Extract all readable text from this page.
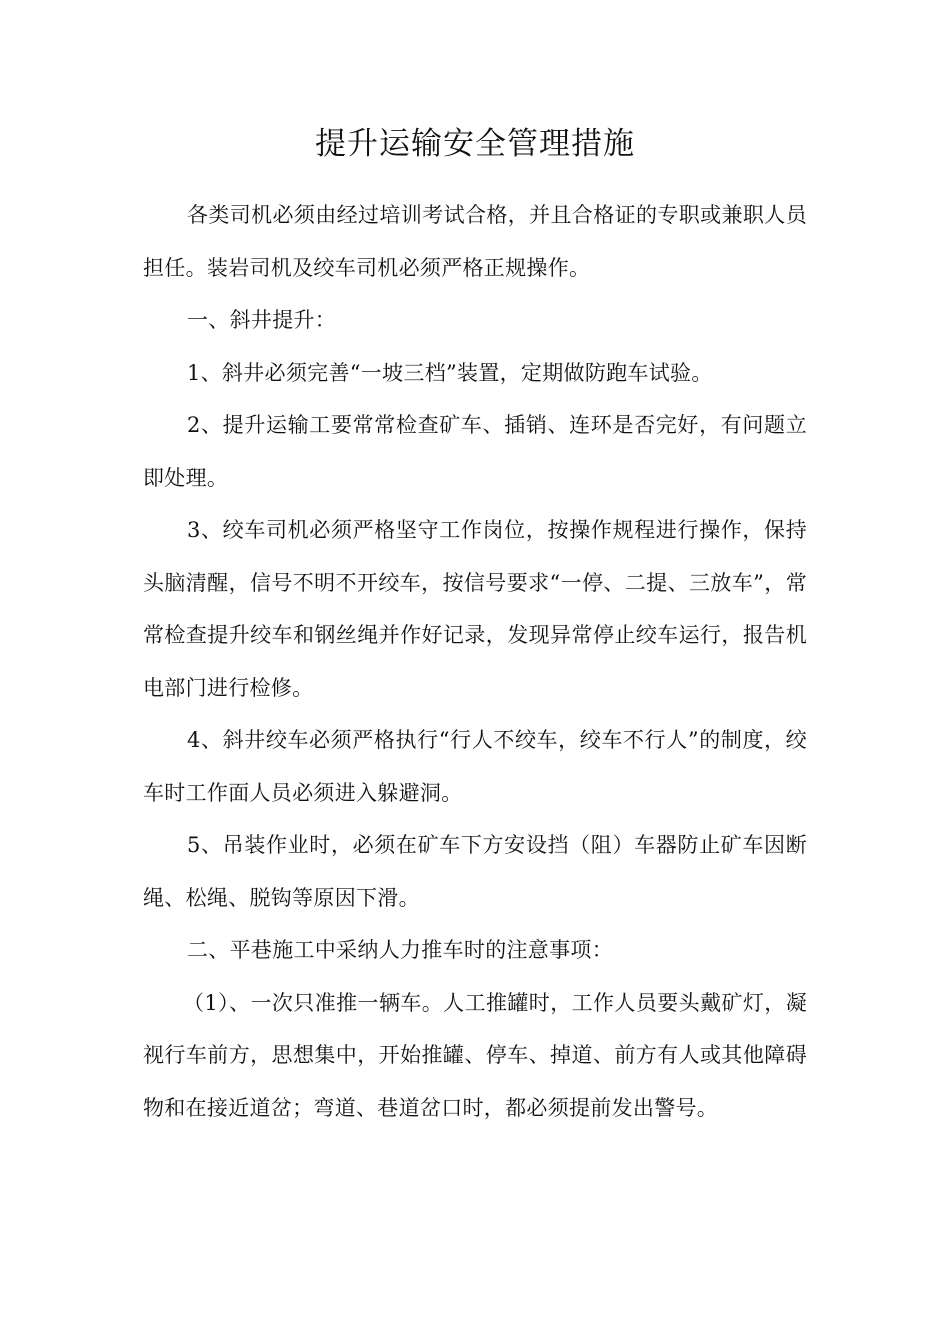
提升运输安全管理措施

各类司机必须由经过培训考试合格，并且合格证的专职或兼职人员担任。装岩司机及绞车司机必须严格正规操作。

一、斜井提升：

1、斜井必须完善“一坡三档”装置，定期做防跑车试验。

2、提升运输工要常常检查矿车、插销、连环是否完好，有问题立即处理。

3、绞车司机必须严格坚守工作岗位，按操作规程进行操作，保持头脑清醒，信号不明不开绞车，按信号要求“一停、二提、三放车”，常常检查提升绞车和钢丝绳并作好记录，发现异常停止绞车运行，报告机电部门进行检修。

4、斜井绞车必须严格执行“行人不绞车，绞车不行人”的制度，绞车时工作面人员必须进入躲避洞。

5、吊装作业时，必须在矿车下方安设挡（阻）车器防止矿车因断绳、松绳、脱钩等原因下滑。

二、平巷施工中采纳人力推车时的注意事项：

（1）、一次只准推一辆车。人工推罐时，工作人员要头戴矿灯，凝视行车前方，思想集中，开始推罐、停车、掉道、前方有人或其他障碍物和在接近道岔；弯道、巷道岔口时，都必须提前发出警号。
